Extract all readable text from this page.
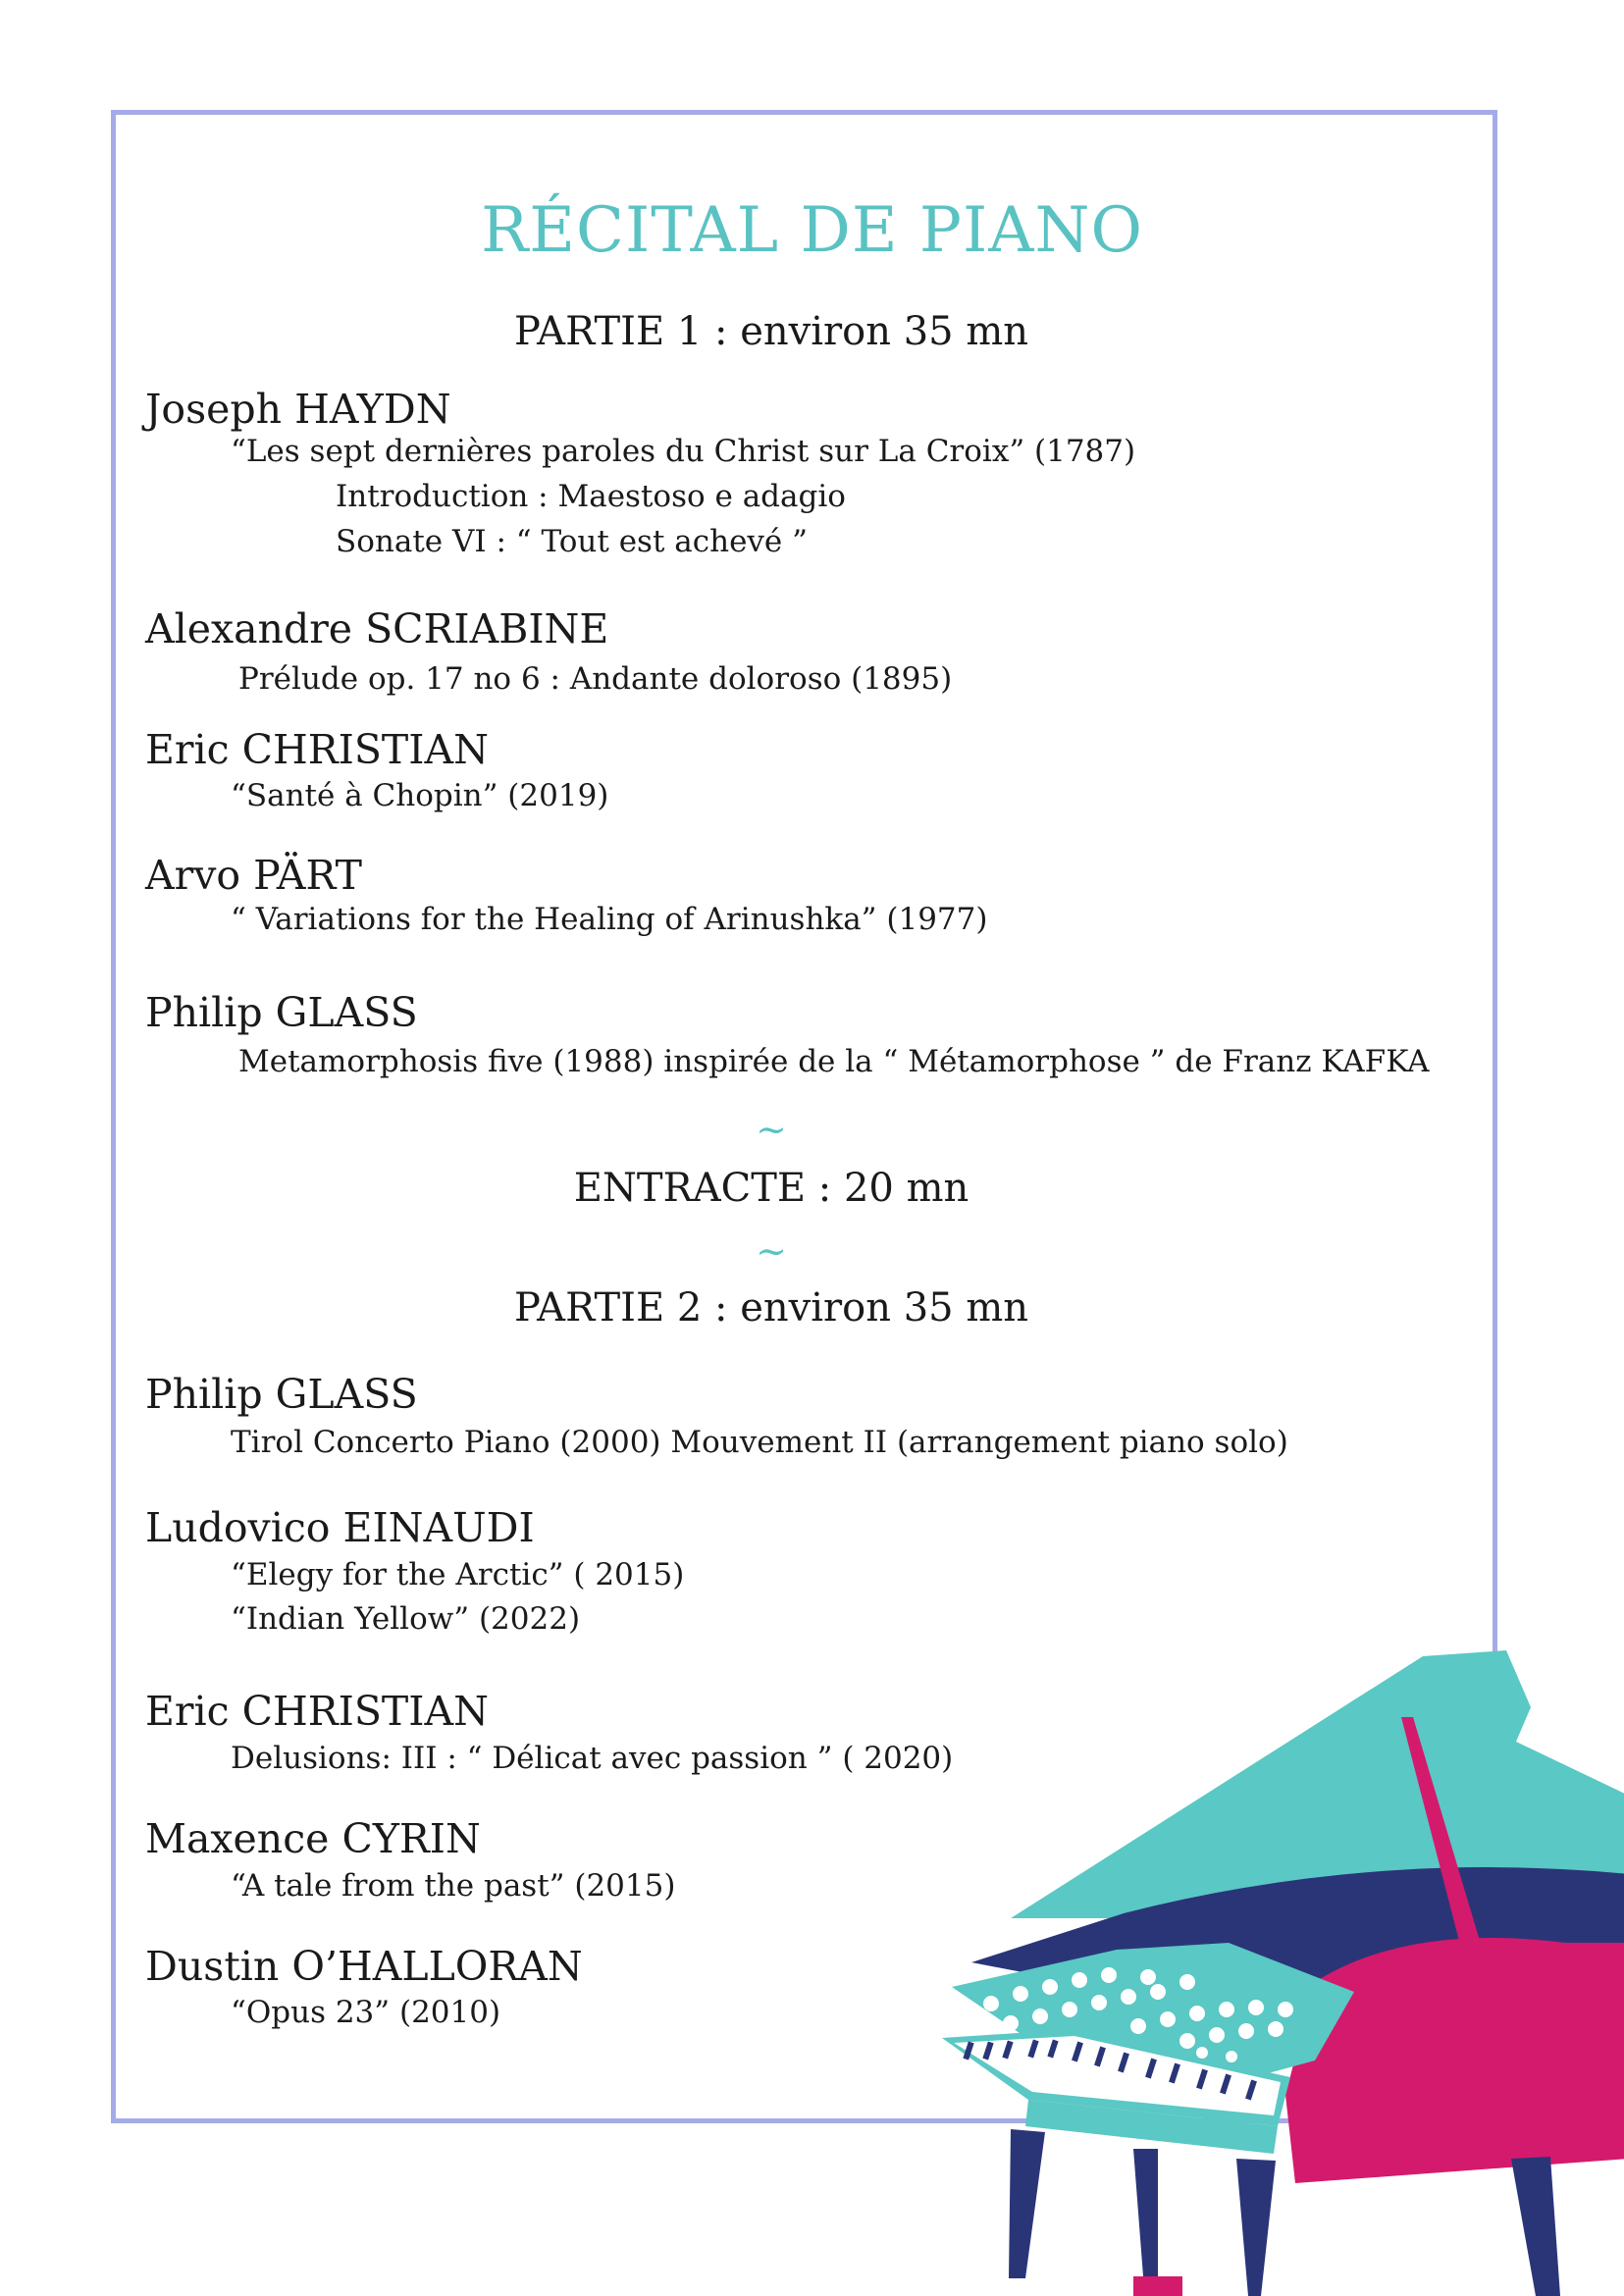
RÉCITAL DE PIANO
PARTIE 1 : environ 35 mn
Joseph HAYDN
“Les sept dernières paroles du Christ sur La Croix” (1787)
Introduction : Maestoso e adagio
Sonate VI : “ Tout est achevé ”
Alexandre SCRIABINE
Prélude op. 17 no 6 : Andante doloroso (1895)
Eric CHRISTIAN
“Santé à Chopin” (2019)
Arvo PÄRT
“ Variations for the Healing of Arinushka” (1977)
Philip GLASS
Metamorphosis five (1988) inspirée de la “ Métamorphose ” de Franz KAFKA
~
ENTRACTE : 20 mn
~
PARTIE 2 : environ 35 mn
Philip GLASS
Tirol Concerto Piano (2000) Mouvement II (arrangement piano solo)
Ludovico EINAUDI
“Elegy for the Arctic” ( 2015)
“Indian Yellow” (2022)
Eric CHRISTIAN
Delusions: III : “ Délicat avec passion ” ( 2020)
Maxence CYRIN
“A tale from the past” (2015)
Dustin O’HALLORAN
“Opus 23” (2010)
